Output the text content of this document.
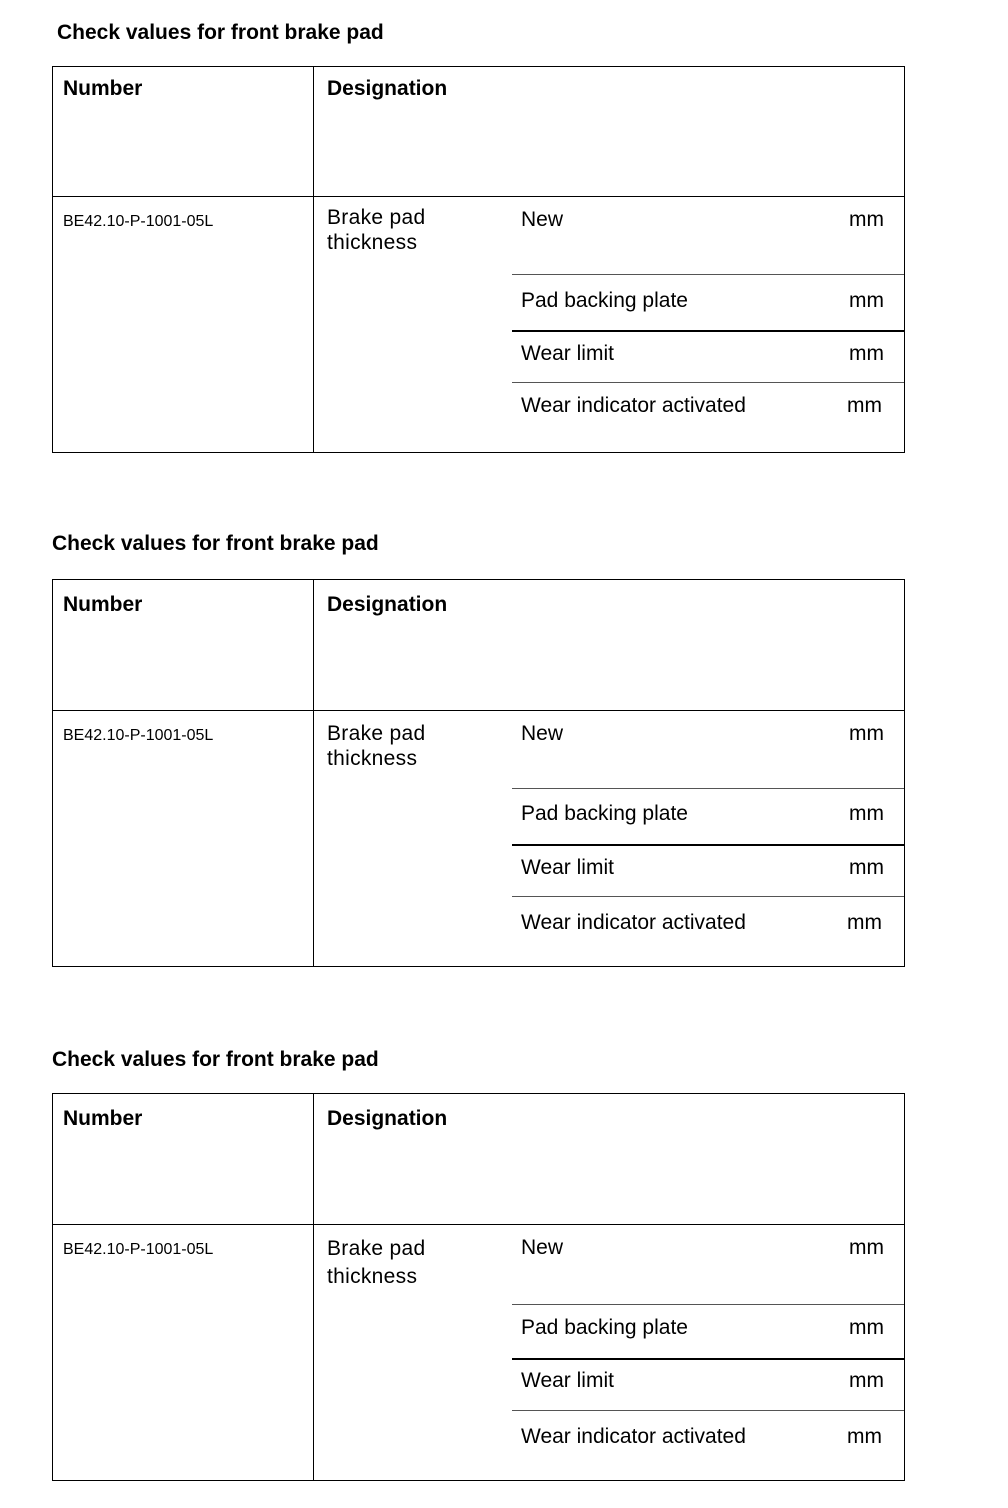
Check values for front brake pad
Number	Designation
BE42.10-P-1001-05L	Brake pad thickness
New	mm
Pad backing plate	mm
Wear limit	mm
Wear indicator activated	mm
Check values for front brake pad
Number	Designation
BE42.10-P-1001-05L	Brake pad thickness
New	mm
Pad backing plate	mm
Wear limit	mm
Wear indicator activated	mm
Check values for front brake pad
Number	Designation
BE42.10-P-1001-05L	Brake pad thickness
New	mm
Pad backing plate	mm
Wear limit	mm
Wear indicator activated	mm
